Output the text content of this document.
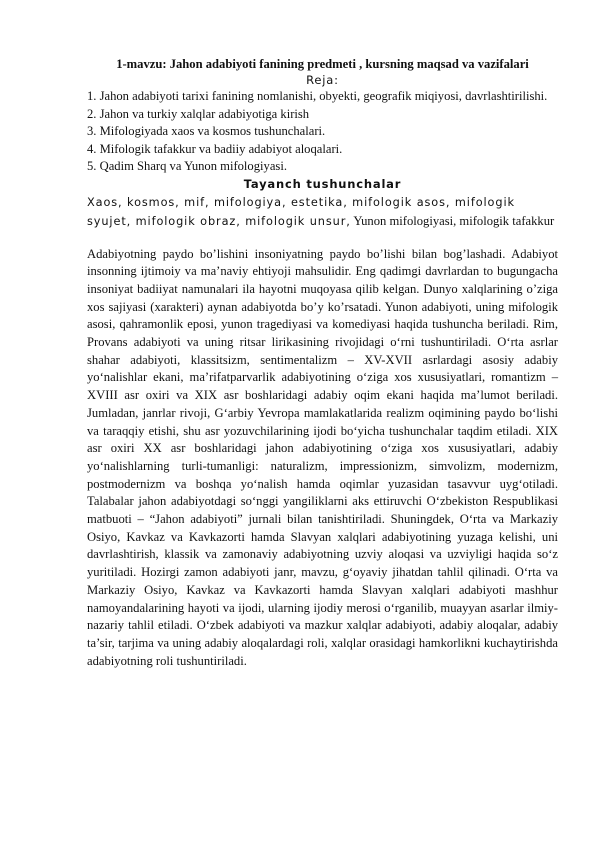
1-mavzu: Jahon adabiyoti fanining predmeti , kursning maqsad va vazifalari

Reja:

1. Jahon adabiyoti tarixi fanining nomlanishi, obyekti, geografik miqiyosi, davrlashtirilishi.
2. Jahon va turkiy xalqlar adabiyotiga kirish
3. Mifologiyada xaos va kosmos tushunchalari.
4. Mifologik tafakkur va badiiy adabiyot aloqalari.
5. Qadim Sharq va Yunon mifologiyasi.

Tayanch tushunchalar

Xaos, kosmos, mif, mifologiya, estetika, mifologik asos, mifologik syujet, mifologik obraz, mifologik unsur, Yunon mifologiyasi, mifologik tafakkur

Adabiyotning paydo bo’lishini insoniyatning paydo bo’lishi bilan bog’lashadi. Adabiyot insonning ijtimoiy va ma’naviy ehtiyoji mahsulidir. Eng qadimgi davrlardan to bugungacha insoniyat badiiyat namunalari ila hayotni muqoyasa qilib kelgan. Dunyo xalqlarining o’ziga xos sajiyasi (xarakteri) aynan adabiyotda bo’y ko’rsatadi. Yunon adabiyoti, uning mifologik asosi, qahramonlik eposi, yunon tragediyasi va komediyasi haqida tushuncha beriladi. Rim, Provans adabiyoti va uning ritsar lirikasining rivojidagi o‘rni tushuntiriladi. O‘rta asrlar shahar adabiyoti, klassitsizm, sentimentalizm – XV-XVII asrlardagi asosiy adabiy yo‘nalishlar ekani, ma’rifatparvarlik adabiyotining o‘ziga xos xususiyatlari, romantizm – XVIII asr oxiri va XIX asr boshlaridagi adabiy oqim ekani haqida ma’lumot beriladi. Jumladan, janrlar rivoji, G‘arbiy Yevropa mamlakatlarida realizm oqimining paydo bo‘lishi va taraqqiy etishi, shu asr yozuvchilarining ijodi bo‘yicha tushunchalar taqdim etiladi. XIX asr oxiri XX asr boshlaridagi jahon adabiyotining o‘ziga xos xususiyatlari, adabiy yo‘nalishlarning turli-tumanligi: naturalizm, impressionizm, simvolizm, modernizm, postmodernizm va boshqa yo‘nalish hamda oqimlar yuzasidan tasavvur uyg‘otiladi. Talabalar jahon adabiyotdagi so‘nggi yangiliklarni aks ettiruvchi O‘zbekiston Respublikasi matbuoti – “Jahon adabiyoti” jurnali bilan tanishtiriladi. Shuningdek, O‘rta va Markaziy Osiyo, Kavkaz va Kavkazorti hamda Slavyan xalqlari adabiyotining yuzaga kelishi, uni davrlashtirish, klassik va zamonaviy adabiyotning uzviy aloqasi va uzviyligi haqida so‘z yuritiladi. Hozirgi zamon adabiyoti janr, mavzu, g‘oyaviy jihatdan tahlil qilinadi. O‘rta va Markaziy Osiyo, Kavkaz va Kavkazorti hamda Slavyan xalqlari adabiyoti mashhur namoyandalarining hayoti va ijodi, ularning ijodiy merosi o‘rganilib, muayyan asarlar ilmiy-nazariy tahlil etiladi. O‘zbek adabiyoti va mazkur xalqlar adabiyoti, adabiy aloqalar, adabiy ta’sir, tarjima va uning adabiy aloqalardagi roli, xalqlar orasidagi hamkorlikni kuchaytirishda adabiyotning roli tushuntiriladi.
